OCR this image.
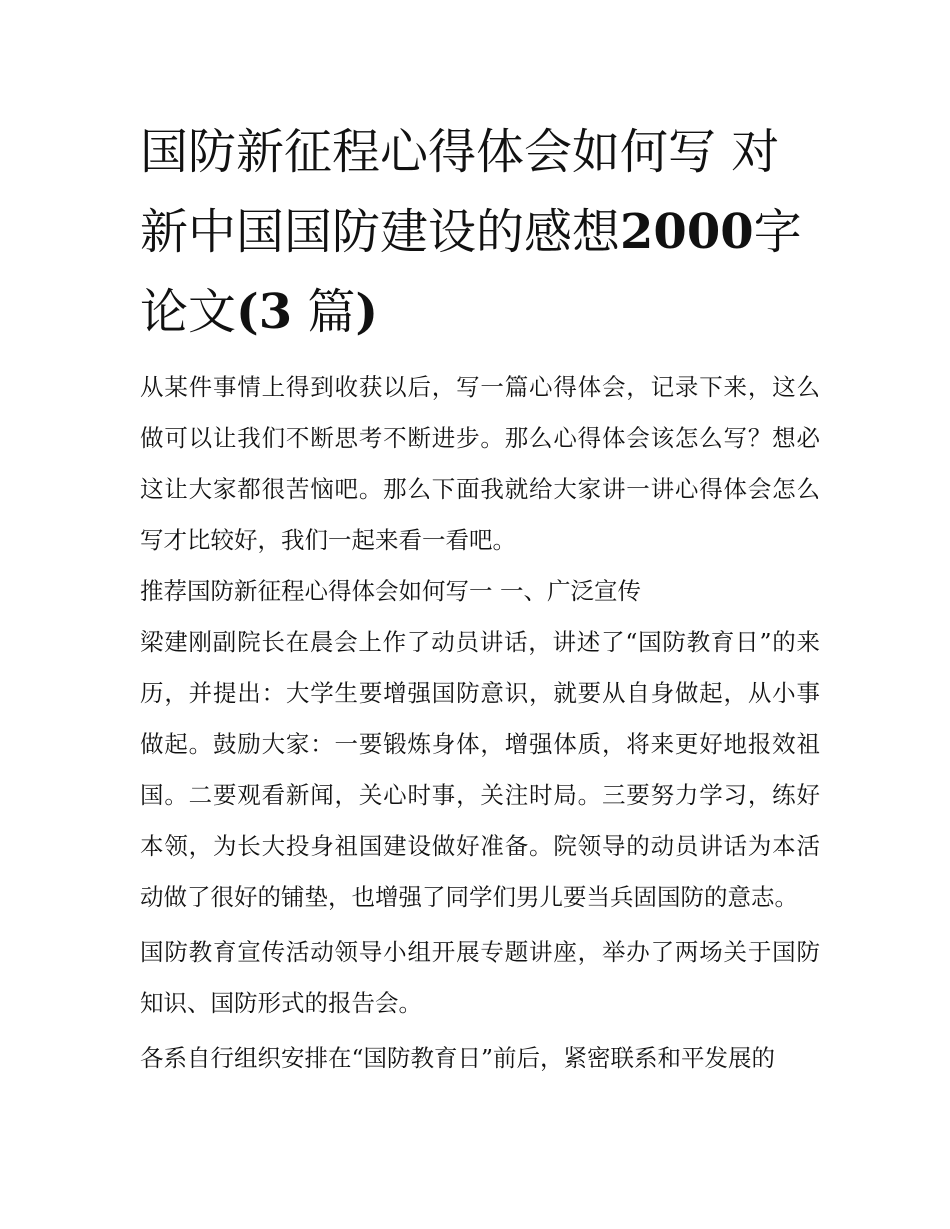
国防新征程心得体会如何写 对新中国国防建设的感想2000字论文(3 篇)

从某件事情上得到收获以后，写一篇心得体会，记录下来，这么做可以让我们不断思考不断进步。那么心得体会该怎么写？想必这让大家都很苦恼吧。那么下面我就给大家讲一讲心得体会怎么写才比较好，我们一起来看一看吧。

推荐国防新征程心得体会如何写一 一、广泛宣传

梁建刚副院长在晨会上作了动员讲话，讲述了“国防教育日”的来历，并提出：大学生要增强国防意识，就要从自身做起，从小事做起。鼓励大家：一要锻炼身体，增强体质，将来更好地报效祖国。二要观看新闻，关心时事，关注时局。三要努力学习，练好本领，为长大投身祖国建设做好准备。院领导的动员讲话为本活动做了很好的铺垫，也增强了同学们男儿要当兵固国防的意志。

国防教育宣传活动领导小组开展专题讲座，举办了两场关于国防知识、国防形式的报告会。

各系自行组织安排在“国防教育日”前后，紧密联系和平发展的
